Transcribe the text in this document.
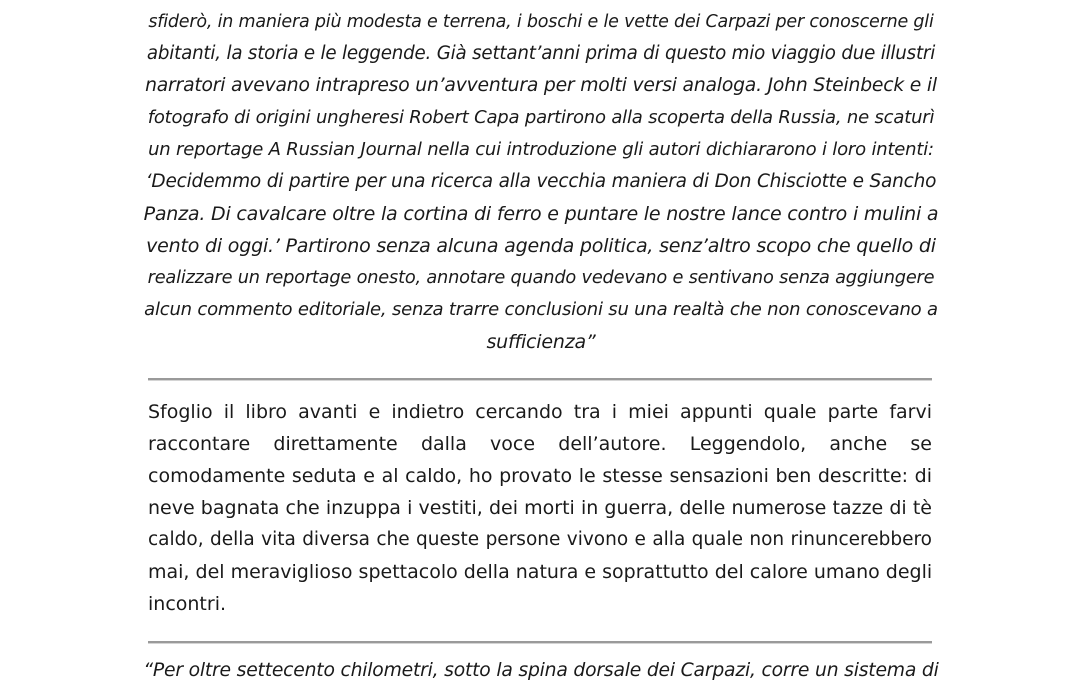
sfiderò, in maniera più modesta e terrena, i boschi e le vette dei Carpazi per conoscerne gli
abitanti, la storia e le leggende. Già settant’anni prima di questo mio viaggio due illustri
narratori avevano intrapreso un’avventura per molti versi analoga. John Steinbeck e il
fotografo di origini ungheresi Robert Capa partirono alla scoperta della Russia, ne scaturì
un reportage A Russian Journal nella cui introduzione gli autori dichiararono i loro intenti:
‘Decidemmo di partire per una ricerca alla vecchia maniera di Don Chisciotte e Sancho
Panza. Di cavalcare oltre la cortina di ferro e puntare le nostre lance contro i mulini a
vento di oggi.’ Partirono senza alcuna agenda politica, senz’altro scopo che quello di
realizzare un reportage onesto, annotare quando vedevano e sentivano senza aggiungere
alcun commento editoriale, senza trarre conclusioni su una realtà che non conoscevano a
sufficienza”
Sfoglio il libro avanti e indietro cercando tra i miei appunti quale parte farvi
raccontare direttamente dalla voce dell’autore. Leggendolo, anche se
comodamente seduta e al caldo, ho provato le stesse sensazioni ben descritte: di
neve bagnata che inzuppa i vestiti, dei morti in guerra, delle numerose tazze di tè
caldo, della vita diversa che queste persone vivono e alla quale non rinuncerebbero
mai, del meraviglioso spettacolo della natura e soprattutto del calore umano degli
incontri.
“Per oltre settecento chilometri, sotto la spina dorsale dei Carpazi, corre un sistema di
